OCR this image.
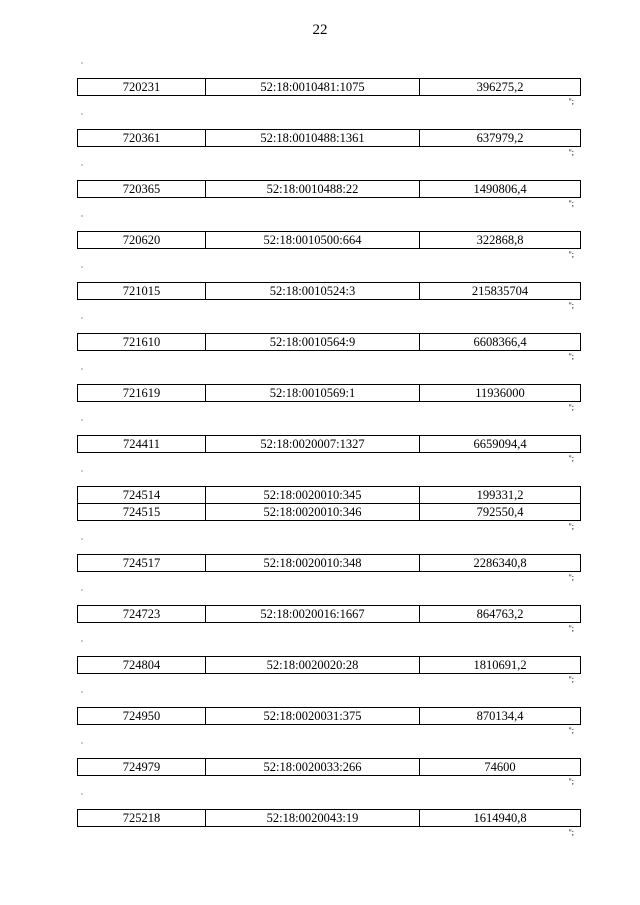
22
"
720231	52:18:0010481:1075	396275,2
";
"
720361	52:18:0010488:1361	637979,2
";
"
720365	52:18:0010488:22	1490806,4
";
"
720620	52:18:0010500:664	322868,8
";
"
721015	52:18:0010524:3	215835704
";
"
721610	52:18:0010564:9	6608366,4
";
"
721619	52:18:0010569:1	11936000
";
"
724411	52:18:0020007:1327	6659094,4
";
"
724514	52:18:0020010:345	199331,2
724515	52:18:0020010:346	792550,4
";
"
724517	52:18:0020010:348	2286340,8
";
"
724723	52:18:0020016:1667	864763,2
";
"
724804	52:18:0020020:28	1810691,2
";
"
724950	52:18:0020031:375	870134,4
";
"
724979	52:18:0020033:266	74600
";
"
725218	52:18:0020043:19	1614940,8
";
